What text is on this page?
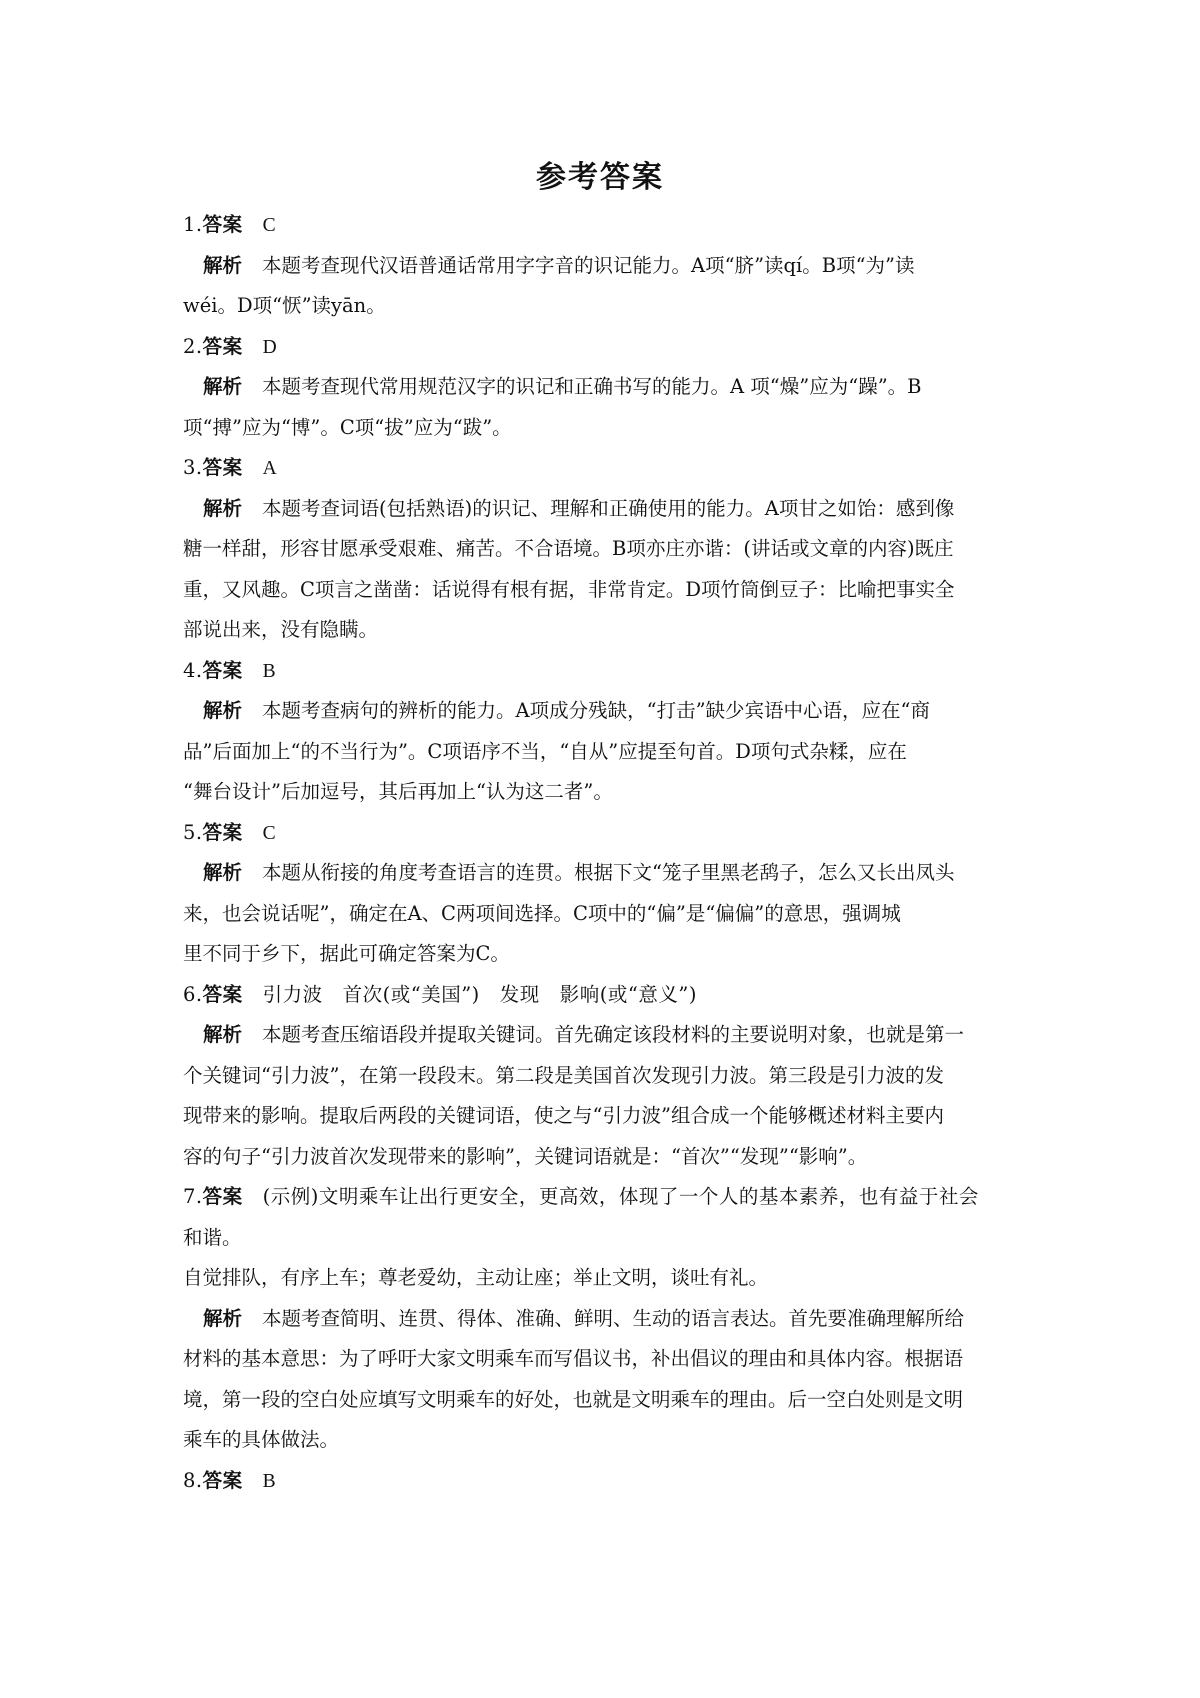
参考答案
1.答案 C
解析 本题考查现代汉语普通话常用字字音的识记能力。A项“脐”读qí。B项“为”读
wéi。D项“恹”读yān。
2.答案 D
解析 本题考查现代常用规范汉字的识记和正确书写的能力。A 项“燥”应为“躁”。B
项“搏”应为“博”。C项“拔”应为“跋”。
3.答案 A
解析 本题考查词语(包括熟语)的识记、理解和正确使用的能力。A项甘之如饴：感到像
糖一样甜，形容甘愿承受艰难、痛苦。不合语境。B项亦庄亦谐：(讲话或文章的内容)既庄
重，又风趣。C项言之凿凿：话说得有根有据，非常肯定。D项竹筒倒豆子：比喻把事实全
部说出来，没有隐瞒。
4.答案 B
解析 本题考查病句的辨析的能力。A项成分残缺，“打击”缺少宾语中心语，应在“商
品”后面加上“的不当行为”。C项语序不当，“自从”应提至句首。D项句式杂糅，应在
“舞台设计”后加逗号，其后再加上“认为这二者”。
5.答案 C
解析 本题从衔接的角度考查语言的连贯。根据下文“笼子里黑老鸹子，怎么又长出凤头
来，也会说话呢”，确定在A、C两项间选择。C项中的“偏”是“偏偏”的意思，强调城
里不同于乡下，据此可确定答案为C。
6.答案 引力波　首次(或“美国”)　发现　影响(或“意义”)
解析 本题考查压缩语段并提取关键词。首先确定该段材料的主要说明对象，也就是第一
个关键词“引力波”，在第一段段末。第二段是美国首次发现引力波。第三段是引力波的发
现带来的影响。提取后两段的关键词语，使之与“引力波”组合成一个能够概述材料主要内
容的句子“引力波首次发现带来的影响”，关键词语就是：“首次”“发现”“影响”。
7.答案 (示例)文明乘车让出行更安全，更高效，体现了一个人的基本素养，也有益于社会
和谐。
自觉排队，有序上车；尊老爱幼，主动让座；举止文明，谈吐有礼。
解析 本题考查简明、连贯、得体、准确、鲜明、生动的语言表达。首先要准确理解所给
材料的基本意思：为了呼吁大家文明乘车而写倡议书，补出倡议的理由和具体内容。根据语
境，第一段的空白处应填写文明乘车的好处，也就是文明乘车的理由。后一空白处则是文明
乘车的具体做法。
8.答案 B
